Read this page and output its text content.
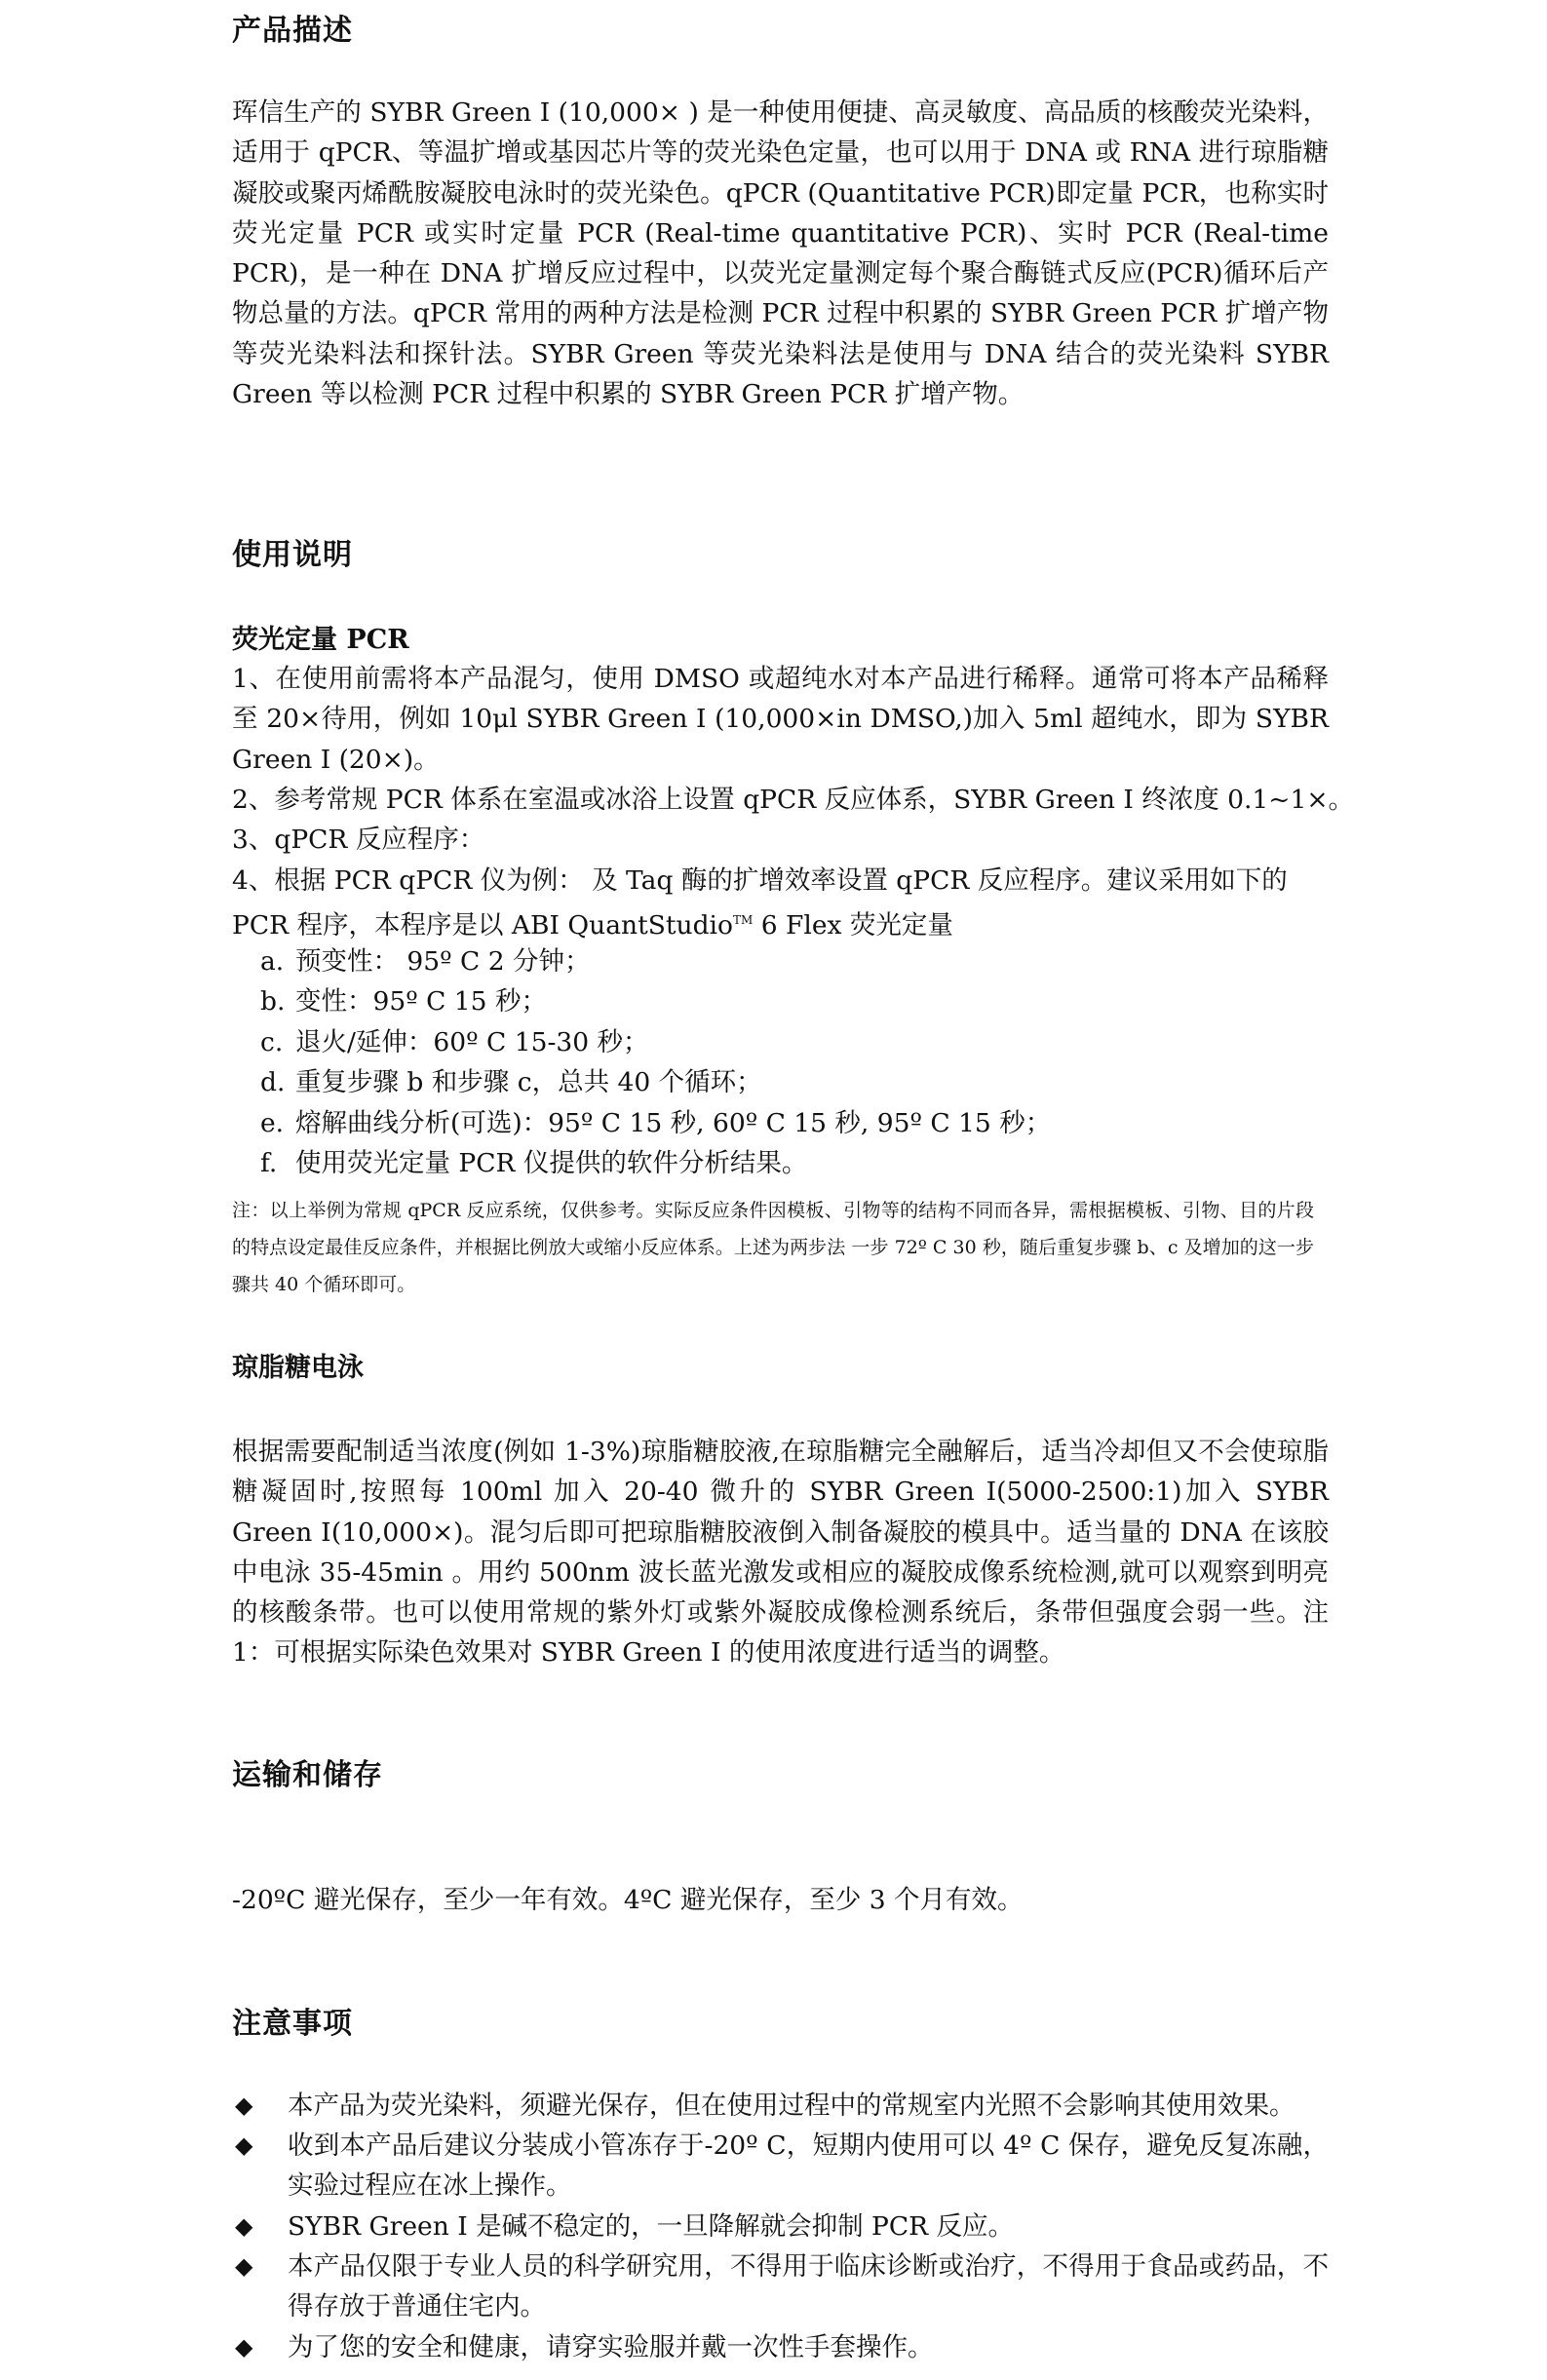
产品描述
珲信生产的 SYBR Green I (10,000× ) 是一种使用便捷、高灵敏度、高品质的核酸荧光染料，适用于 qPCR、等温扩增或基因芯片等的荧光染色定量，也可以用于 DNA 或 RNA 进行琼脂糖凝胶或聚丙烯酰胺凝胶电泳时的荧光染色。qPCR (Quantitative PCR)即定量 PCR，也称实时荧光定量 PCR 或实时定量 PCR (Real-time quantitative PCR)、实时 PCR (Real-time PCR)，是一种在 DNA 扩增反应过程中，以荧光定量测定每个聚合酶链式反应(PCR)循环后产物总量的方法。qPCR 常用的两种方法是检测 PCR 过程中积累的 SYBR Green PCR 扩增产物等荧光染料法和探针法。SYBR Green 等荧光染料法是使用与 DNA 结合的荧光染料 SYBR Green 等以检测 PCR 过程中积累的 SYBR Green PCR 扩增产物。
使用说明
荧光定量 PCR
1、在使用前需将本产品混匀，使用 DMSO 或超纯水对本产品进行稀释。通常可将本产品稀释至 20×待用，例如 10μl SYBR Green I (10,000×in DMSO,)加入 5ml 超纯水，即为 SYBR Green I (20×)。
2、参考常规 PCR 体系在室温或冰浴上设置 qPCR 反应体系，SYBR Green I 终浓度 0.1~1×。
3、qPCR 反应程序：
4、根据 PCR qPCR 仪为例： 及 Taq 酶的扩增效率设置 qPCR 反应程序。建议采用如下的
PCR 程序，本程序是以 ABI QuantStudio™ 6 Flex 荧光定量
a. 预变性： 95º C 2 分钟；
b. 变性：95º C 15 秒；
c. 退火/延伸：60º C 15-30 秒；
d. 重复步骤 b 和步骤 c，总共 40 个循环；
e. 熔解曲线分析(可选)：95º C 15 秒, 60º C 15 秒, 95º C 15 秒；
f. 使用荧光定量 PCR 仪提供的软件分析结果。
注：以上举例为常规 qPCR 反应系统，仅供参考。实际反应条件因模板、引物等的结构不同而各异，需根据模板、引物、目的片段的特点设定最佳反应条件，并根据比例放大或缩小反应体系。上述为两步法 一步 72º C 30 秒，随后重复步骤 b、c 及增加的这一步骤共 40 个循环即可。
琼脂糖电泳
根据需要配制适当浓度(例如 1-3%)琼脂糖胶液,在琼脂糖完全融解后，适当冷却但又不会使琼脂糖凝固时,按照每 100ml 加入 20-40 微升的 SYBR Green I(5000-2500:1)加入 SYBR Green Ⅰ(10,000×)。混匀后即可把琼脂糖胶液倒入制备凝胶的模具中。适当量的 DNA 在该胶中电泳 35-45min 。用约 500nm 波长蓝光激发或相应的凝胶成像系统检测,就可以观察到明亮的核酸条带。也可以使用常规的紫外灯或紫外凝胶成像检测系统后，条带但强度会弱一些。注 1：可根据实际染色效果对 SYBR Green Ⅰ 的使用浓度进行适当的调整。
运输和储存
-20ºC 避光保存，至少一年有效。4ºC 避光保存，至少 3 个月有效。
注意事项
◆ 本产品为荧光染料，须避光保存，但在使用过程中的常规室内光照不会影响其使用效果。
◆ 收到本产品后建议分装成小管冻存于-20º C，短期内使用可以 4º C 保存，避免反复冻融，实验过程应在冰上操作。
◆ SYBR Green I 是碱不稳定的，一旦降解就会抑制 PCR 反应。
◆ 本产品仅限于专业人员的科学研究用，不得用于临床诊断或治疗，不得用于食品或药品，不得存放于普通住宅内。
◆ 为了您的安全和健康，请穿实验服并戴一次性手套操作。
